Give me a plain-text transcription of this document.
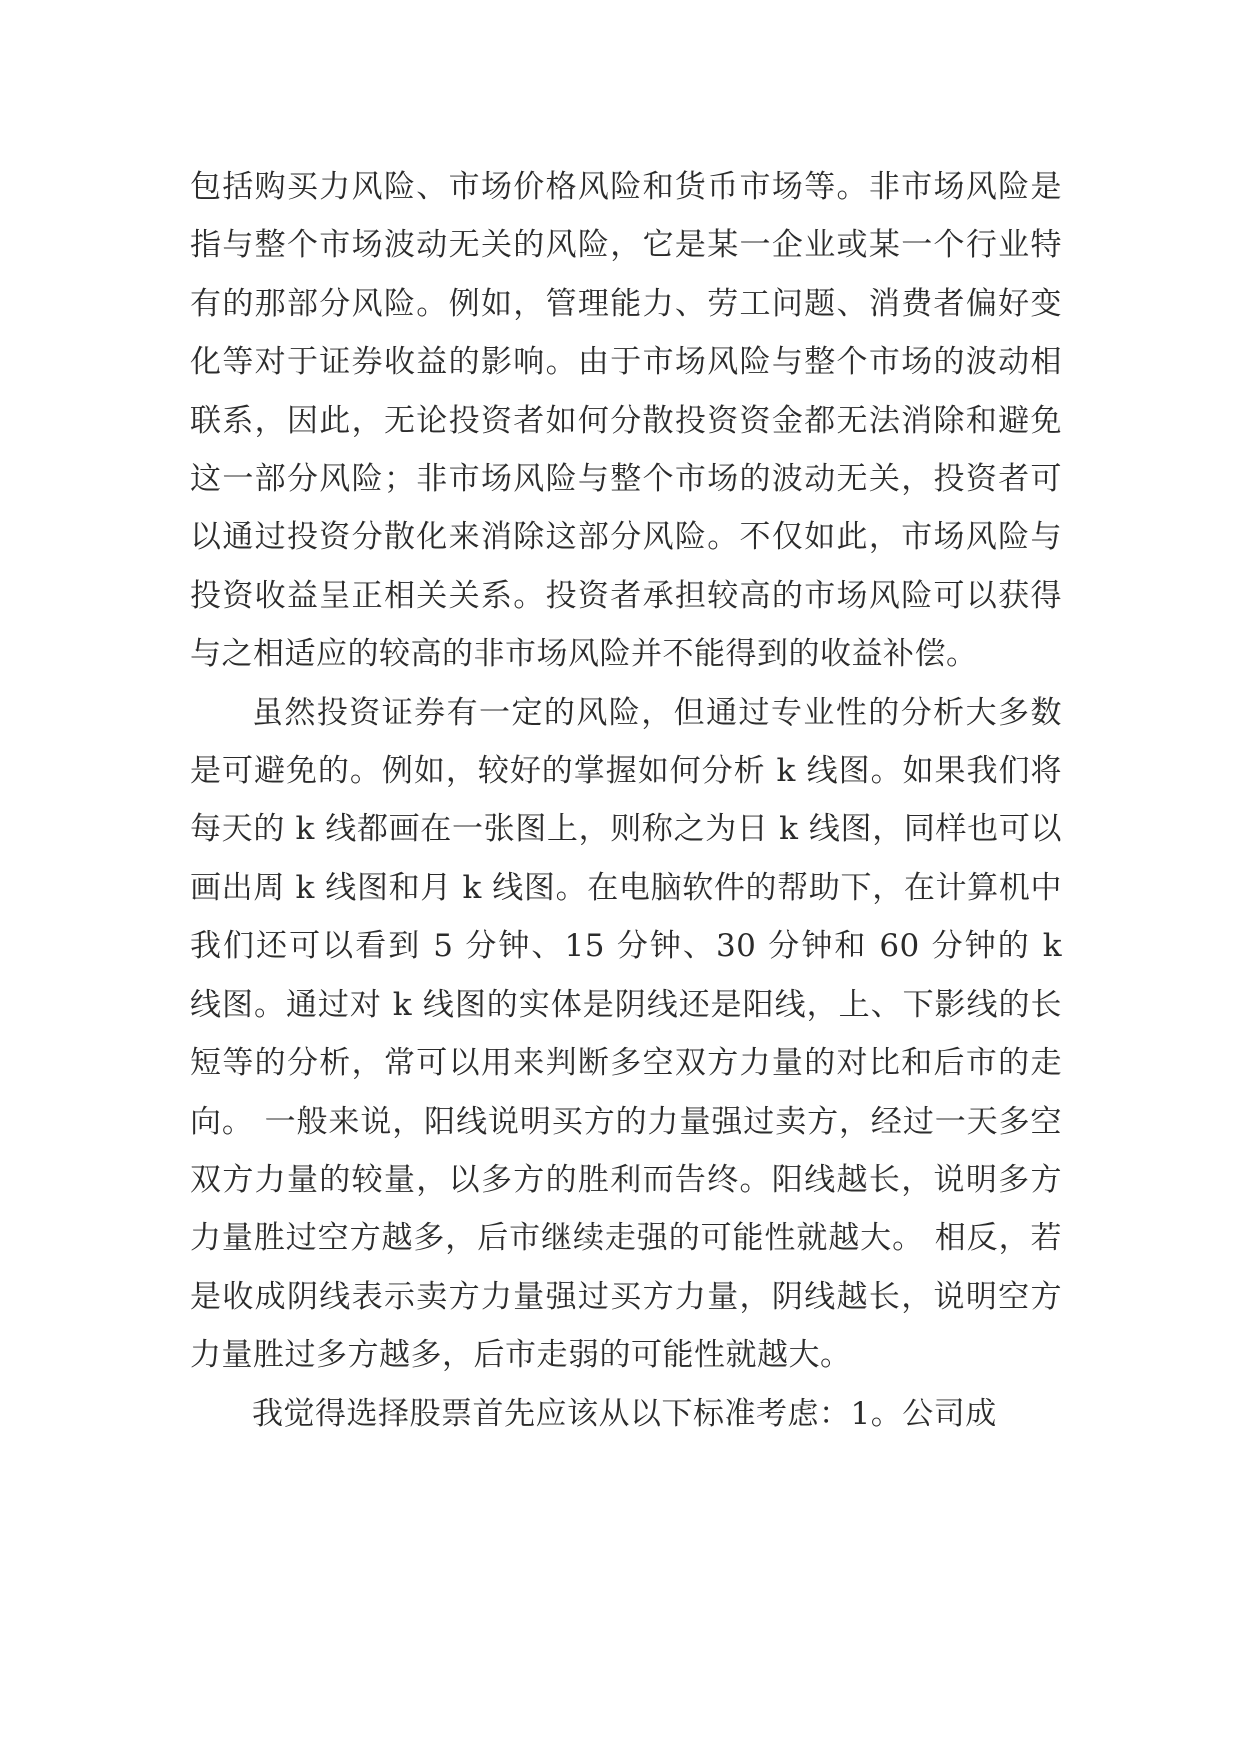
包括购买力风险、市场价格风险和货币市场等。非市场风险是指与整个市场波动无关的风险，它是某一企业或某一个行业特有的那部分风险。例如，管理能力、劳工问题、消费者偏好变化等对于证券收益的影响。由于市场风险与整个市场的波动相联系，因此，无论投资者如何分散投资资金都无法消除和避免这一部分风险；非市场风险与整个市场的波动无关，投资者可以通过投资分散化来消除这部分风险。不仅如此，市场风险与投资收益呈正相关关系。投资者承担较高的市场风险可以获得与之相适应的较高的非市场风险并不能得到的收益补偿。

虽然投资证券有一定的风险，但通过专业性的分析大多数是可避免的。例如，较好的掌握如何分析 k 线图。如果我们将每天的 k 线都画在一张图上，则称之为日 k 线图，同样也可以画出周 k 线图和月 k 线图。在电脑软件的帮助下，在计算机中我们还可以看到 5 分钟、15 分钟、30 分钟和 60 分钟的 k 线图。通过对 k 线图的实体是阴线还是阳线，上、下影线的长短等的分析，常可以用来判断多空双方力量的对比和后市的走向。 一般来说，阳线说明买方的力量强过卖方，经过一天多空双方力量的较量，以多方的胜利而告终。阳线越长，说明多方力量胜过空方越多，后市继续走强的可能性就越大。 相反，若是收成阴线表示卖方力量强过买方力量，阴线越长，说明空方力量胜过多方越多，后市走弱的可能性就越大。

我觉得选择股票首先应该从以下标准考虑：1。公司成
